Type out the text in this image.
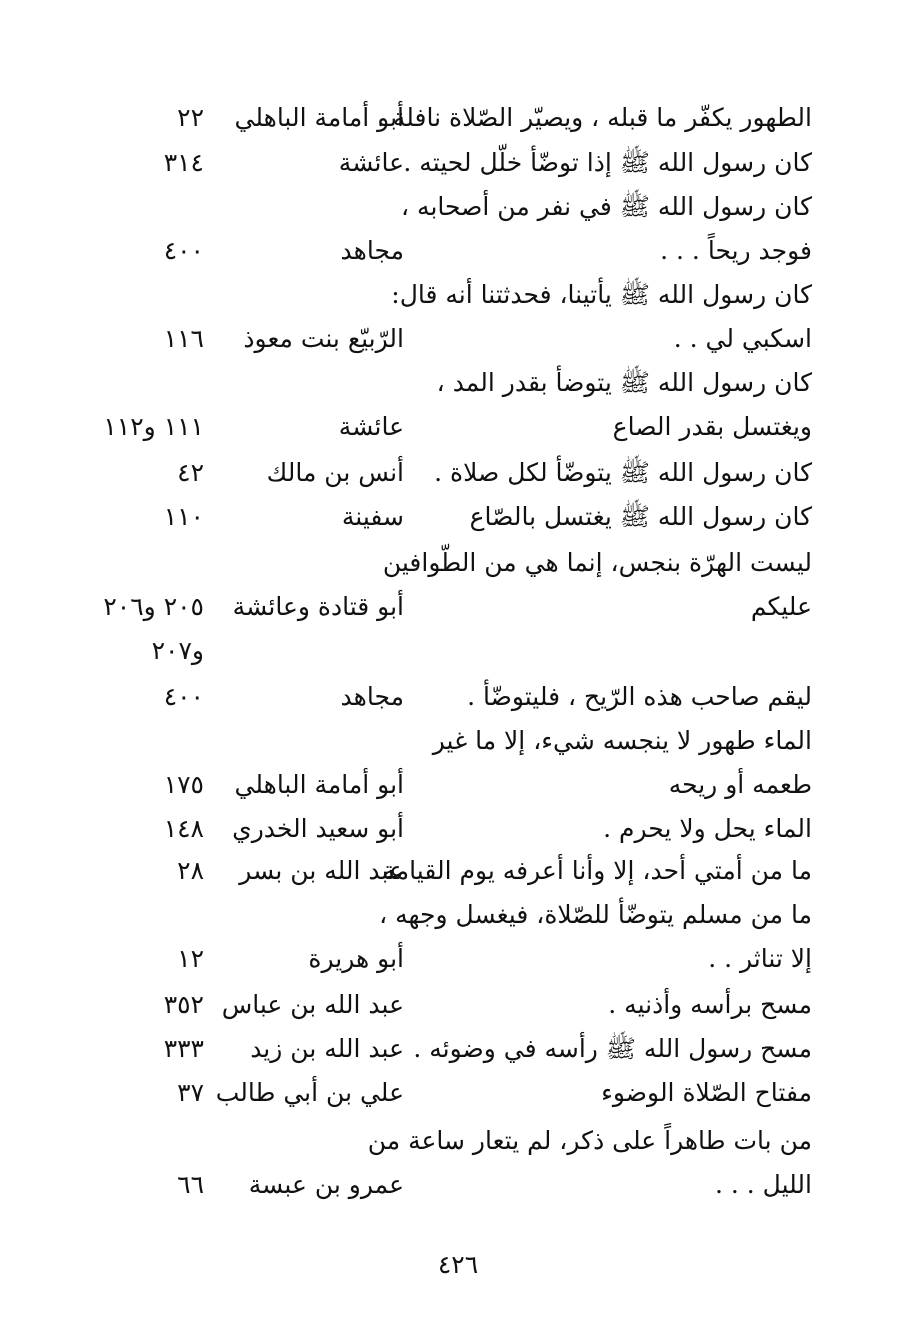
الطهور يكفّر ما قبله ، ويصيّر الصّلاة نافلة .
أبو أمامة الباهلي
٢٢
كان رسول الله ﷺ إذا توضّأ خلّل لحيته .
عائشة
٣١٤
كان رسول الله ﷺ في نفر من أصحابه ،
فوجد ريحاً . . .
مجاهد
٤٠٠
كان رسول الله ﷺ يأتينا، فحدثتنا أنه قال:
اسكبي لي . .
الرّبيّع بنت معوذ
١١٦
كان رسول الله ﷺ يتوضأ بقدر المد ،
ويغتسل بقدر الصاع
عائشة
١١١ و١١٢
كان رسول الله ﷺ يتوضّأ لكل صلاة .
أنس بن مالك
٤٢
كان رسول الله ﷺ يغتسل بالصّاع
سفينة
١١٠
ليست الهرّة بنجس، إنما هي من الطّوافين
عليكم
أبو قتادة وعائشة
٢٠٥ و٢٠٦
و٢٠٧
ليقم صاحب هذه الرّيح ، فليتوضّأ .
مجاهد
٤٠٠
الماء طهور لا ينجسه شيء، إلا ما غير
طعمه أو ريحه
أبو أمامة الباهلي
١٧٥
الماء يحل ولا يحرم .
أبو سعيد الخدري
١٤٨
ما من أمتي أحد، إلا وأنا أعرفه يوم القيامة
عبد الله بن بسر
٢٨
ما من مسلم يتوضّأ للصّلاة، فيغسل وجهه ،
إلا تناثر . .
أبو هريرة
١٢
مسح برأسه وأذنيه .
عبد الله بن عباس
٣٥٢
مسح رسول الله ﷺ رأسه في وضوئه .
عبد الله بن زيد
٣٣٣
مفتاح الصّلاة الوضوء
علي بن أبي طالب
٣٧
من بات طاهراً على ذكر، لم يتعار ساعة من
الليل . . .
عمرو بن عبسة
٦٦
٤٢٦
